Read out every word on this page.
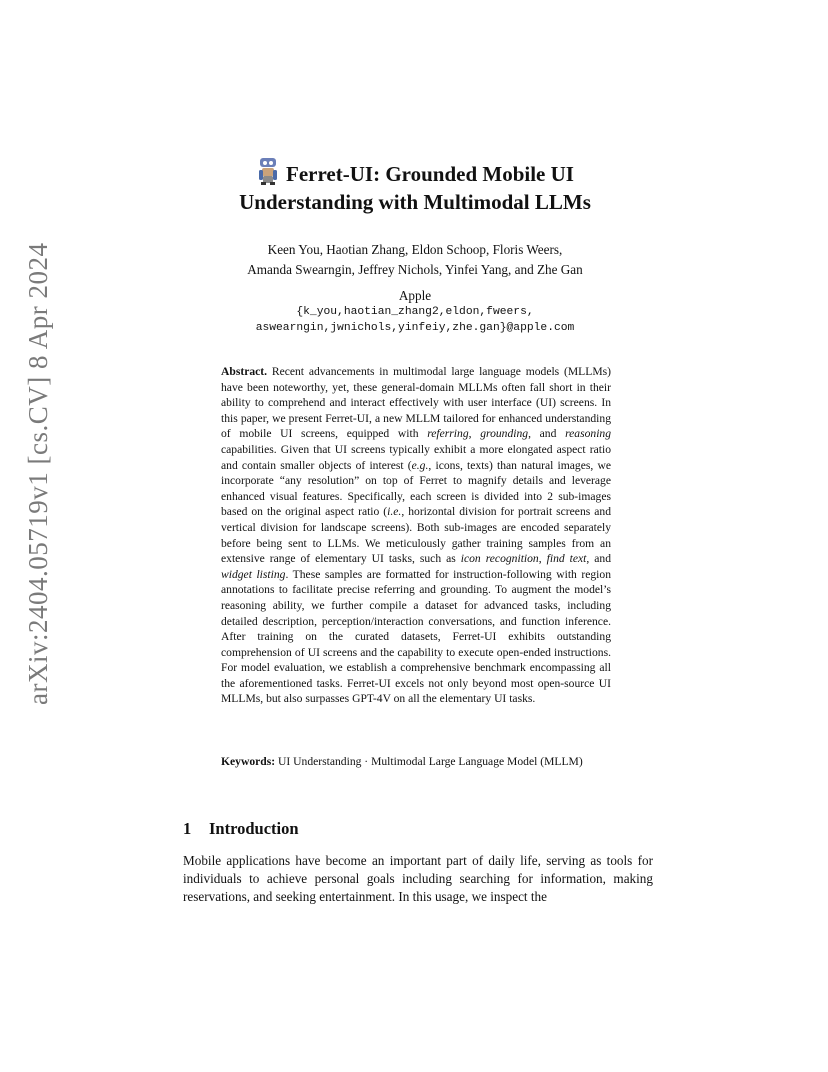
arXiv:2404.05719v1 [cs.CV] 8 Apr 2024
Ferret-UI: Grounded Mobile UI
Understanding with Multimodal LLMs
Keen You, Haotian Zhang, Eldon Schoop, Floris Weers,
Amanda Swearngin, Jeffrey Nichols, Yinfei Yang, and Zhe Gan
Apple
{k_you,haotian_zhang2,eldon,fweers,
aswearngin,jwnichols,yinfeiy,zhe.gan}@apple.com
Abstract. Recent advancements in multimodal large language models (MLLMs) have been noteworthy, yet, these general-domain MLLMs often fall short in their ability to comprehend and interact effectively with user interface (UI) screens. In this paper, we present Ferret-UI, a new MLLM tailored for enhanced understanding of mobile UI screens, equipped with referring, grounding, and reasoning capabilities. Given that UI screens typically exhibit a more elongated aspect ratio and contain smaller objects of interest (e.g., icons, texts) than natural images, we incorporate “any resolution” on top of Ferret to magnify details and leverage enhanced visual features. Specifically, each screen is divided into 2 sub-images based on the original aspect ratio (i.e., horizontal division for portrait screens and vertical division for landscape screens). Both sub-images are encoded separately before being sent to LLMs. We meticulously gather training samples from an extensive range of elementary UI tasks, such as icon recognition, find text, and widget listing. These samples are formatted for instruction-following with region annotations to facilitate precise referring and grounding. To augment the model’s reasoning ability, we further compile a dataset for advanced tasks, including detailed description, perception/interaction conversations, and function inference. After training on the curated datasets, Ferret-UI exhibits outstanding comprehension of UI screens and the capability to execute open-ended instructions. For model evaluation, we establish a comprehensive benchmark encompassing all the aforementioned tasks. Ferret-UI excels not only beyond most open-source UI MLLMs, but also surpasses GPT-4V on all the elementary UI tasks.
Keywords: UI Understanding · Multimodal Large Language Model (MLLM)
1 Introduction
Mobile applications have become an important part of daily life, serving as tools for individuals to achieve personal goals including searching for information, making reservations, and seeking entertainment. In this usage, we inspect the
